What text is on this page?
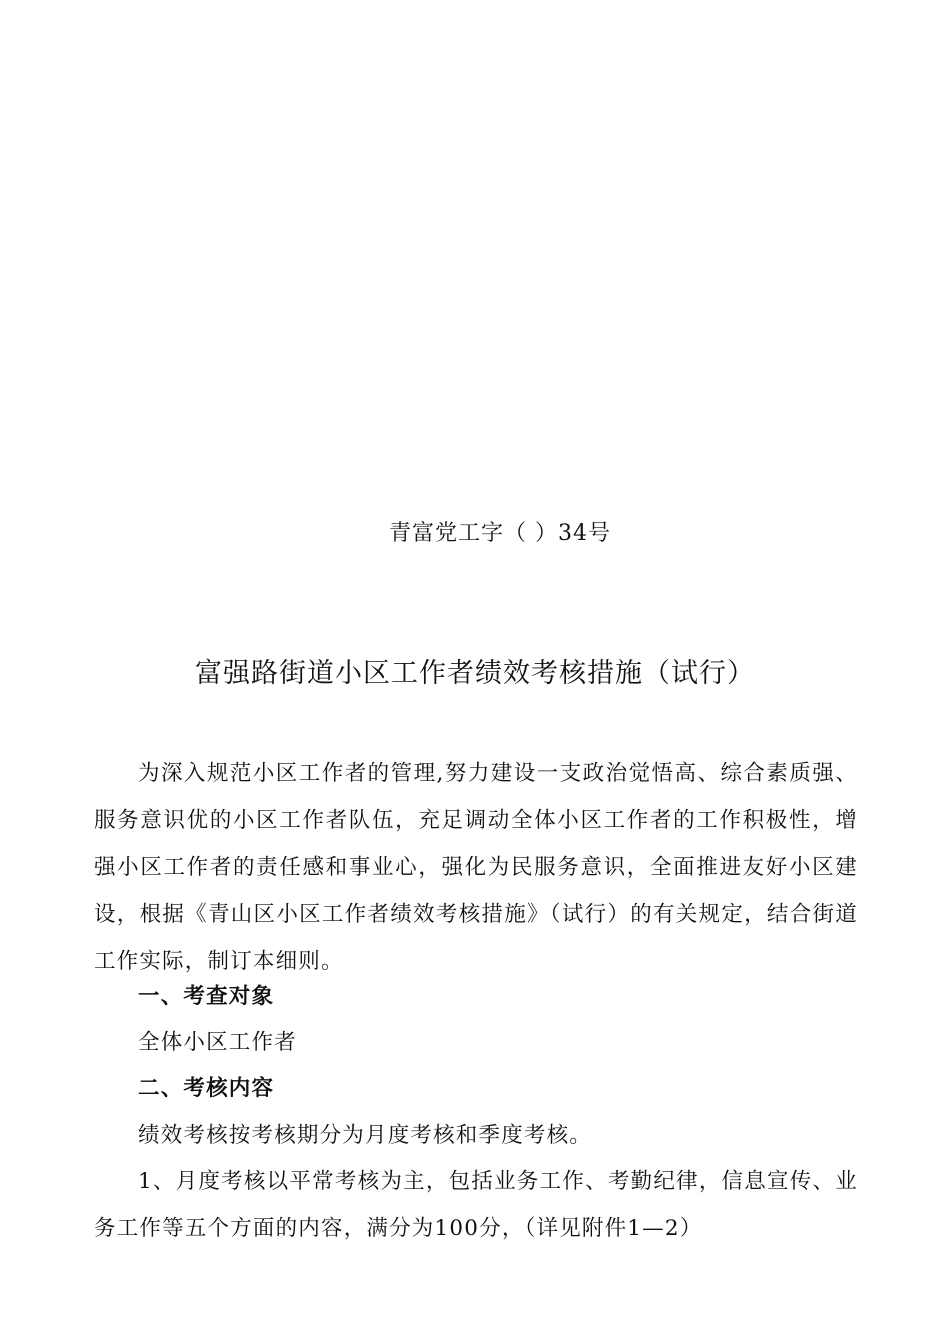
青富党工字（ ）34号
富强路街道小区工作者绩效考核措施（试行）
为深入规范小区工作者的管理,努力建设一支政治觉悟高、综合素质强、服务意识优的小区工作者队伍，充足调动全体小区工作者的工作积极性，增强小区工作者的责任感和事业心，强化为民服务意识，全面推进友好小区建设，根据《青山区小区工作者绩效考核措施》（试行）的有关规定，结合街道工作实际，制订本细则。
一、考查对象
全体小区工作者
二、考核内容
绩效考核按考核期分为月度考核和季度考核。
1、月度考核以平常考核为主，包括业务工作、考勤纪律，信息宣传、业务工作等五个方面的内容，满分为100分，（详见附件1—2）
